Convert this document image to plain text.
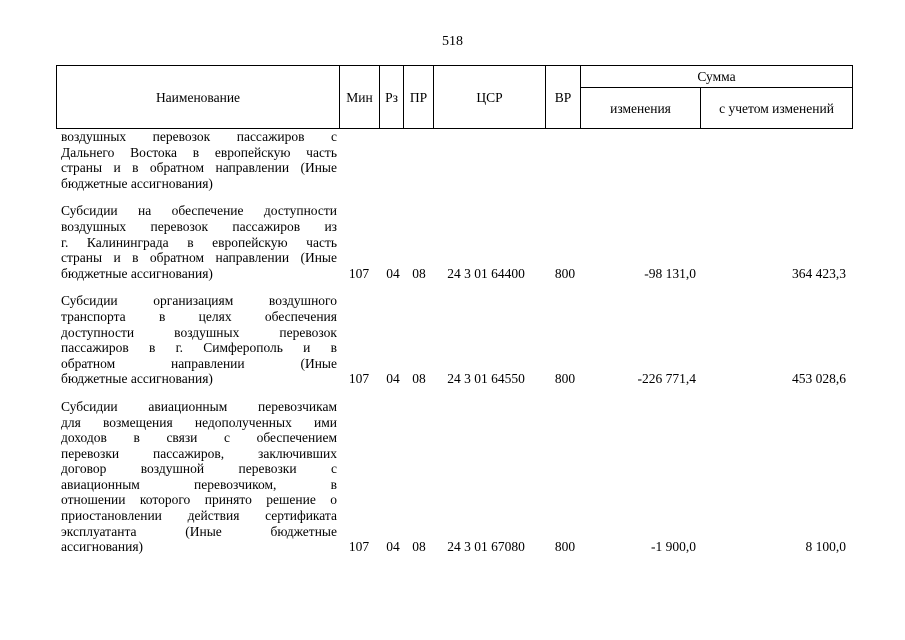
518
Наименование	Мин	Рз	ПР	ЦСР	ВР	Сумма	
						изменения	с учетом изменений

воздушных перевозок пассажиров с

Дальнего Востока в европейскую часть

страны и в обратном направлении (Иные

бюджетные ассигнования)

Субсидии на обеспечение доступности

воздушных перевозок пассажиров из

г. Калининграда в европейскую часть

страны и в обратном направлении (Иные

бюджетные ассигнования)	107	04 08	24 3 01 64400	800	-98 131,0	364 423,3

Субсидии организациям воздушного

транспорта в целях обеспечения

доступности воздушных перевозок

пассажиров в г. Симферополь и в

обратном направлении (Иные

бюджетные ассигнования)	107	04 08	24 3 01 64550	800	-226 771,4	453 028,6

Субсидии авиационным перевозчикам

для возмещения недополученных ими

доходов в связи с обеспечением

перевозки пассажиров, заключивших

договор воздушной перевозки с

авиационным перевозчиком, в

отношении которого принято решение о

приостановлении действия сертификата

эксплуатанта (Иные бюджетные

ассигнования)	107	04 08	24 3 01 67080	800	-1 900,0	8 100,0
